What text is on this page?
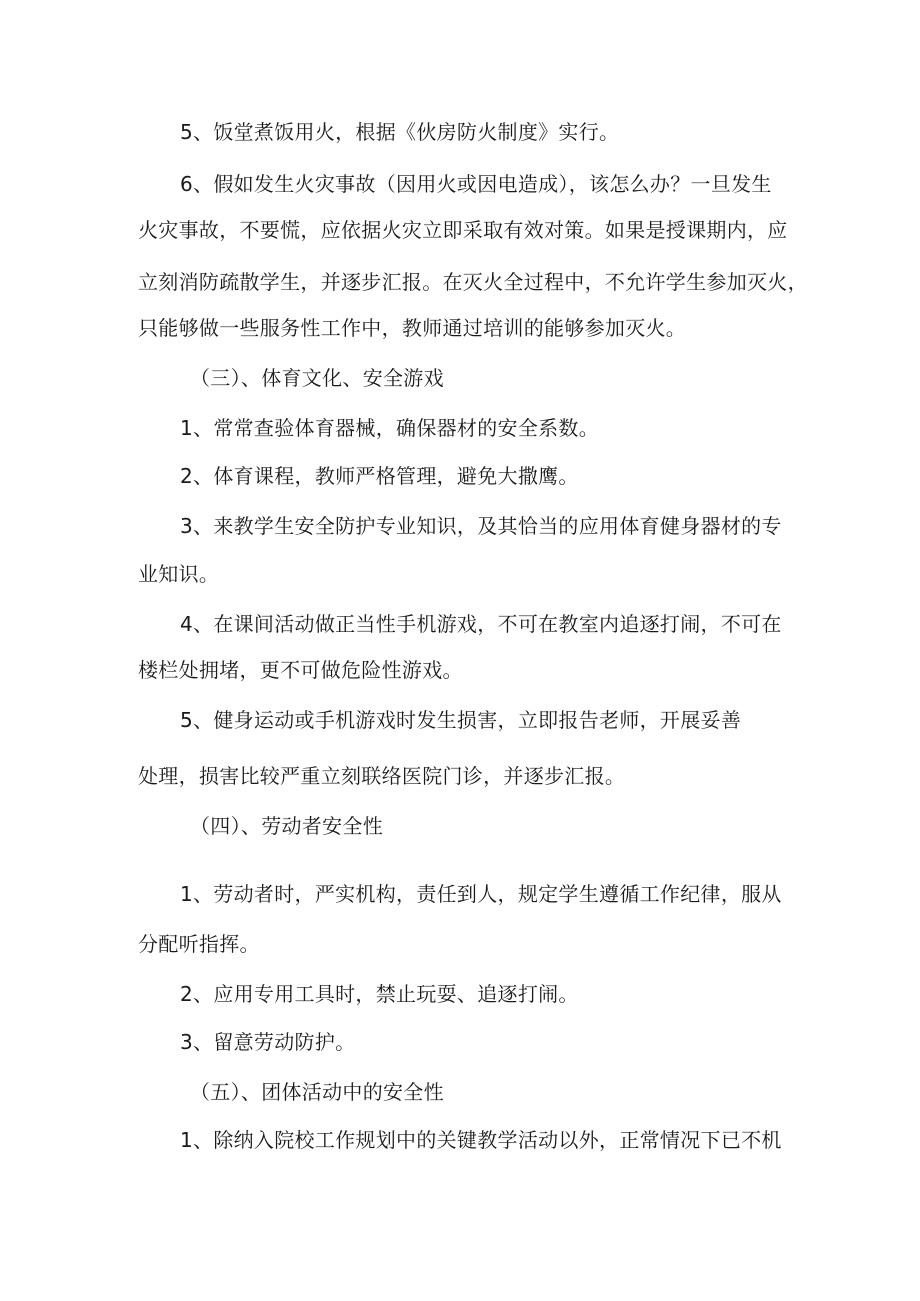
5、饭堂煮饭用火，根据《伙房防火制度》实行。
6、假如发生火灾事故（因用火或因电造成），该怎么办？一旦发生
火灾事故，不要慌，应依据火灾立即采取有效对策。如果是授课期内，应
立刻消防疏散学生，并逐步汇报。在灭火全过程中，不允许学生参加灭火，
只能够做一些服务性工作中，教师通过培训的能够参加灭火。
（三）、体育文化、安全游戏
1、常常查验体育器械，确保器材的安全系数。
2、体育课程，教师严格管理，避免大撒鹰。
3、来教学生安全防护专业知识，及其恰当的应用体育健身器材的专
业知识。
4、在课间活动做正当性手机游戏，不可在教室内追逐打闹，不可在
楼栏处拥堵，更不可做危险性游戏。
5、健身运动或手机游戏时发生损害，立即报告老师，开展妥善
处理，损害比较严重立刻联络医院门诊，并逐步汇报。
（四）、劳动者安全性
1、劳动者时，严实机构，责任到人，规定学生遵循工作纪律，服从
分配听指挥。
2、应用专用工具时，禁止玩耍、追逐打闹。
3、留意劳动防护。
（五）、团体活动中的安全性
1、除纳入院校工作规划中的关键教学活动以外，正常情况下已不机
